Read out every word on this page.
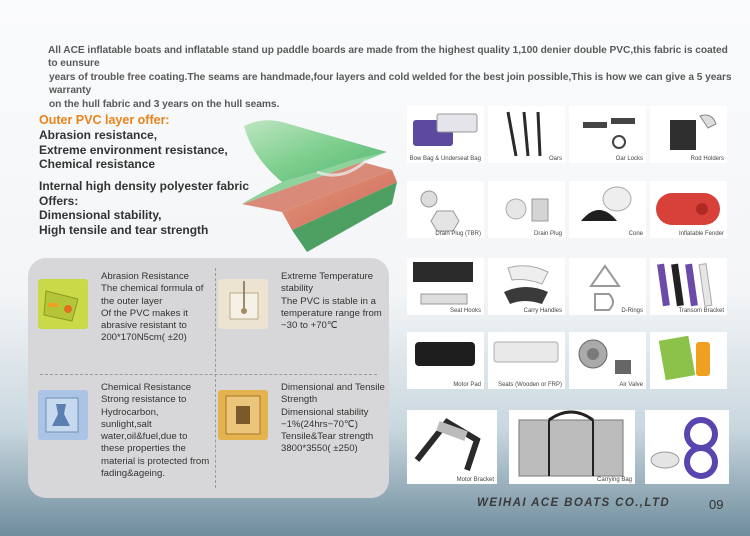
All ACE inflatable boats and inflatable stand up paddle boards are made from the highest quality 1,100 denier double PVC,this fabric is coated to eunsure
years of trouble free coating.The seams are handmade,four layers and cold welded for the best join possible,This is how we can give a 5 years warranty
on the hull fabric and 3 years on the hull seams.
Outer PVC layer offer:
Abrasion resistance,
Extreme environment resistance,
Chemical resistance
Internal high density polyester fabric
Offers:
Dimensional stability,
High tensile and tear strength
Abrasion Resistance
The chemical formula of
the outer layer
Of the PVC makes it
abrasive resistant to
200*170N5cm( ±20)
Extreme Temperature
stability
The PVC is stable in a
temperature range from
−30 to +70℃
Chemical Resistance
Strong resistance to
Hydrocarbon,
sunlight,salt
water,oil&fuel,due to
these properties the
material is protected from
fading&ageing.
Dimensional and Tensile
Strength
Dimensional stability
−1%(24hrs−70℃)
Tensile&Tear strength
3800*3550( ±250)
Bow Bag & Underseat Bag	Oars	Oar Locks	Rod Holders
Drain Plug (TBR)	Drain Plug	Cone	Inflatable Fender
Seat Hooks	Carry Handles	D-Rings	Transom Bracket
Motor Pad	Seats (Wooden or FRP)	Air Valve
Motor Bracket	Carrying Bag
WEIHAI ACE BOATS CO.,LTD	09
